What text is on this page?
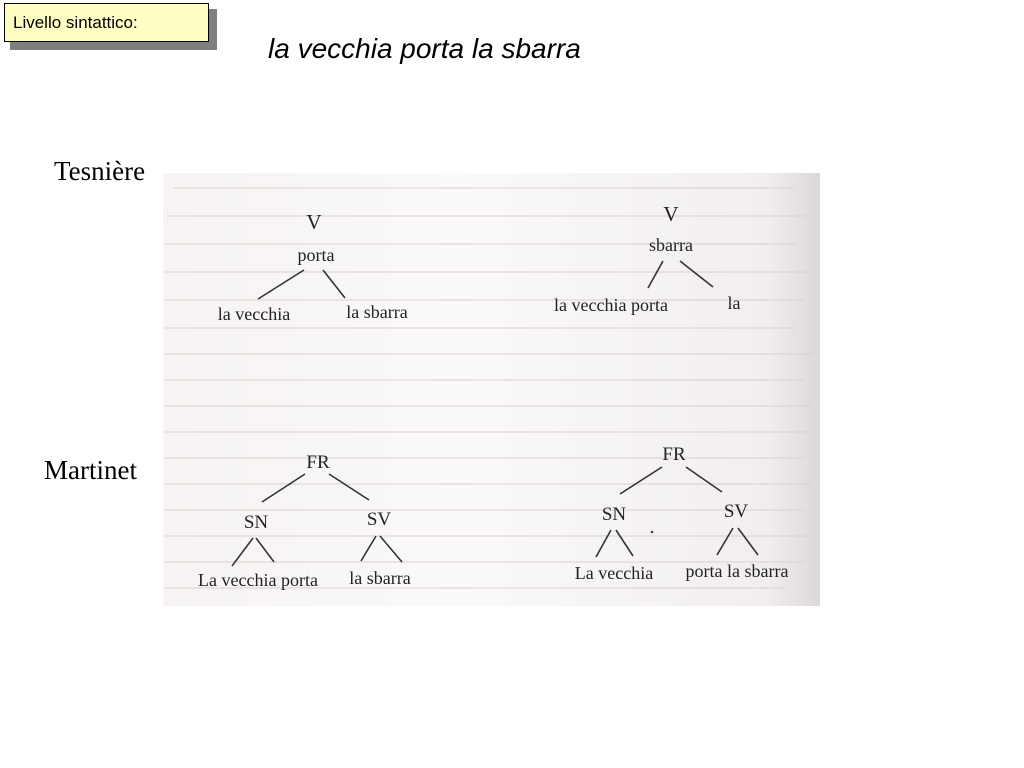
Livello sintattico:
la vecchia porta la sbarra
Tesnière
Martinet
V
porta
la vecchia	la sbarra
V
sbarra
la vecchia porta	la
FR
SN	SV
La vecchia porta la sbarra
FR
SN	SV
La vecchia porta la sbarra
